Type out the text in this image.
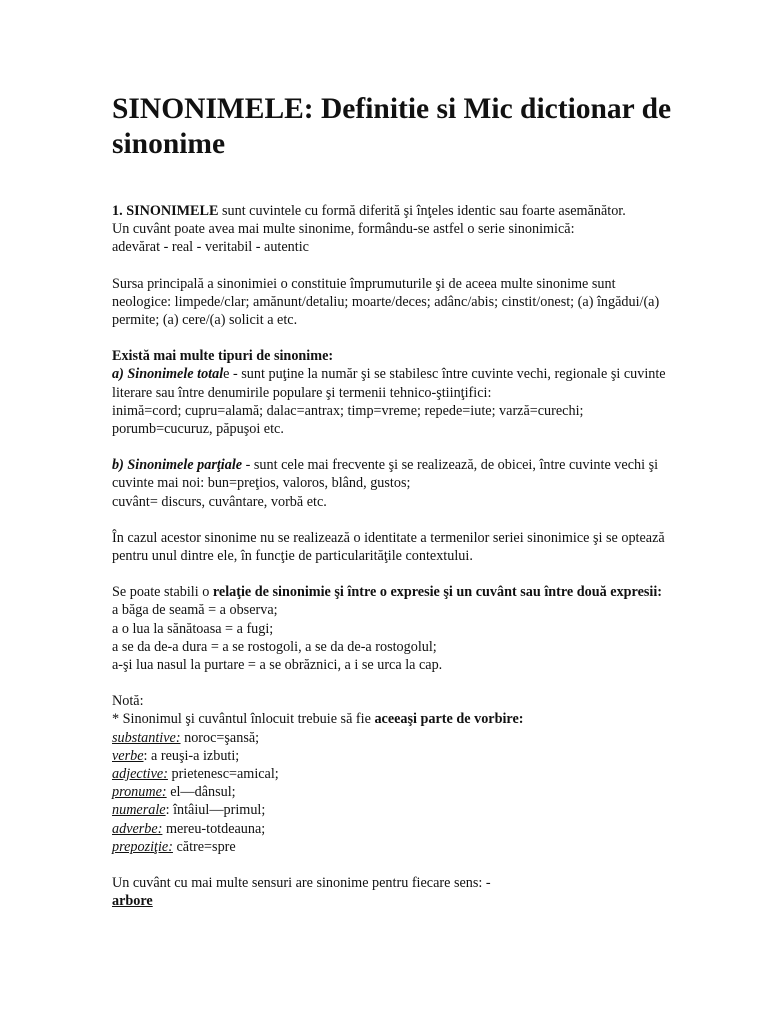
SINONIMELE: Definitie si Mic dictionar de sinonime

1. SINONIMELE sunt cuvintele cu formă diferită şi înţeles identic sau foarte asemănător.

Un cuvânt poate avea mai multe sinonime, formându-se astfel o serie sinonimică:

adevărat - real - veritabil - autentic

Sursa principală a sinonimiei o constituie împrumuturile şi de aceea multe sinonime sunt neologice: limpede/clar; amănunt/detaliu; moarte/deces; adânc/abis; cinstit/onest; (a) îngădui/(a) permite; (a) cere/(a) solicit a etc.

Există mai multe tipuri de sinonime:

a) Sinonimele totale - sunt puţine la număr şi se stabilesc între cuvinte vechi, regionale şi cuvinte literare sau între denumirile populare şi termenii tehnico-ştiinţifici:

inimă=cord; cupru=alamă; dalac=antrax; timp=vreme; repede=iute; varză=curechi;

porumb=cucuruz, păpuşoi etc.

b) Sinonimele parţiale - sunt cele mai frecvente şi se realizează, de obicei, între cuvinte vechi şi cuvinte mai noi: bun=preţios, valoros, blând, gustos;

cuvânt= discurs, cuvântare, vorbă etc.

În cazul acestor sinonime nu se realizează o identitate a termenilor seriei sinonimice şi se optează pentru unul dintre ele, în funcţie de particularităţile contextului.

Se poate stabili o relaţie de sinonimie şi între o expresie şi un cuvânt sau între două expresii:

a băga de seamă = a observa;

a o lua la sănătoasa = a fugi;

a se da de-a dura = a se rostogoli, a se da de-a rostogolul;

a-şi lua nasul la purtare = a se obrăznici, a i se urca la cap.

Notă:

* Sinonimul şi cuvântul înlocuit trebuie să fie aceeaşi parte de vorbire:

substantive: noroc=şansă;

verbe: a reuşi-a izbuti;

adjective: prietenesc=amical;

pronume: el—dânsul;

numerale: întâiul—primul;

adverbe: mereu-totdeauna;

prepoziţie: către=spre

Un cuvânt cu mai multe sensuri are sinonime pentru fiecare sens: -

arbore
